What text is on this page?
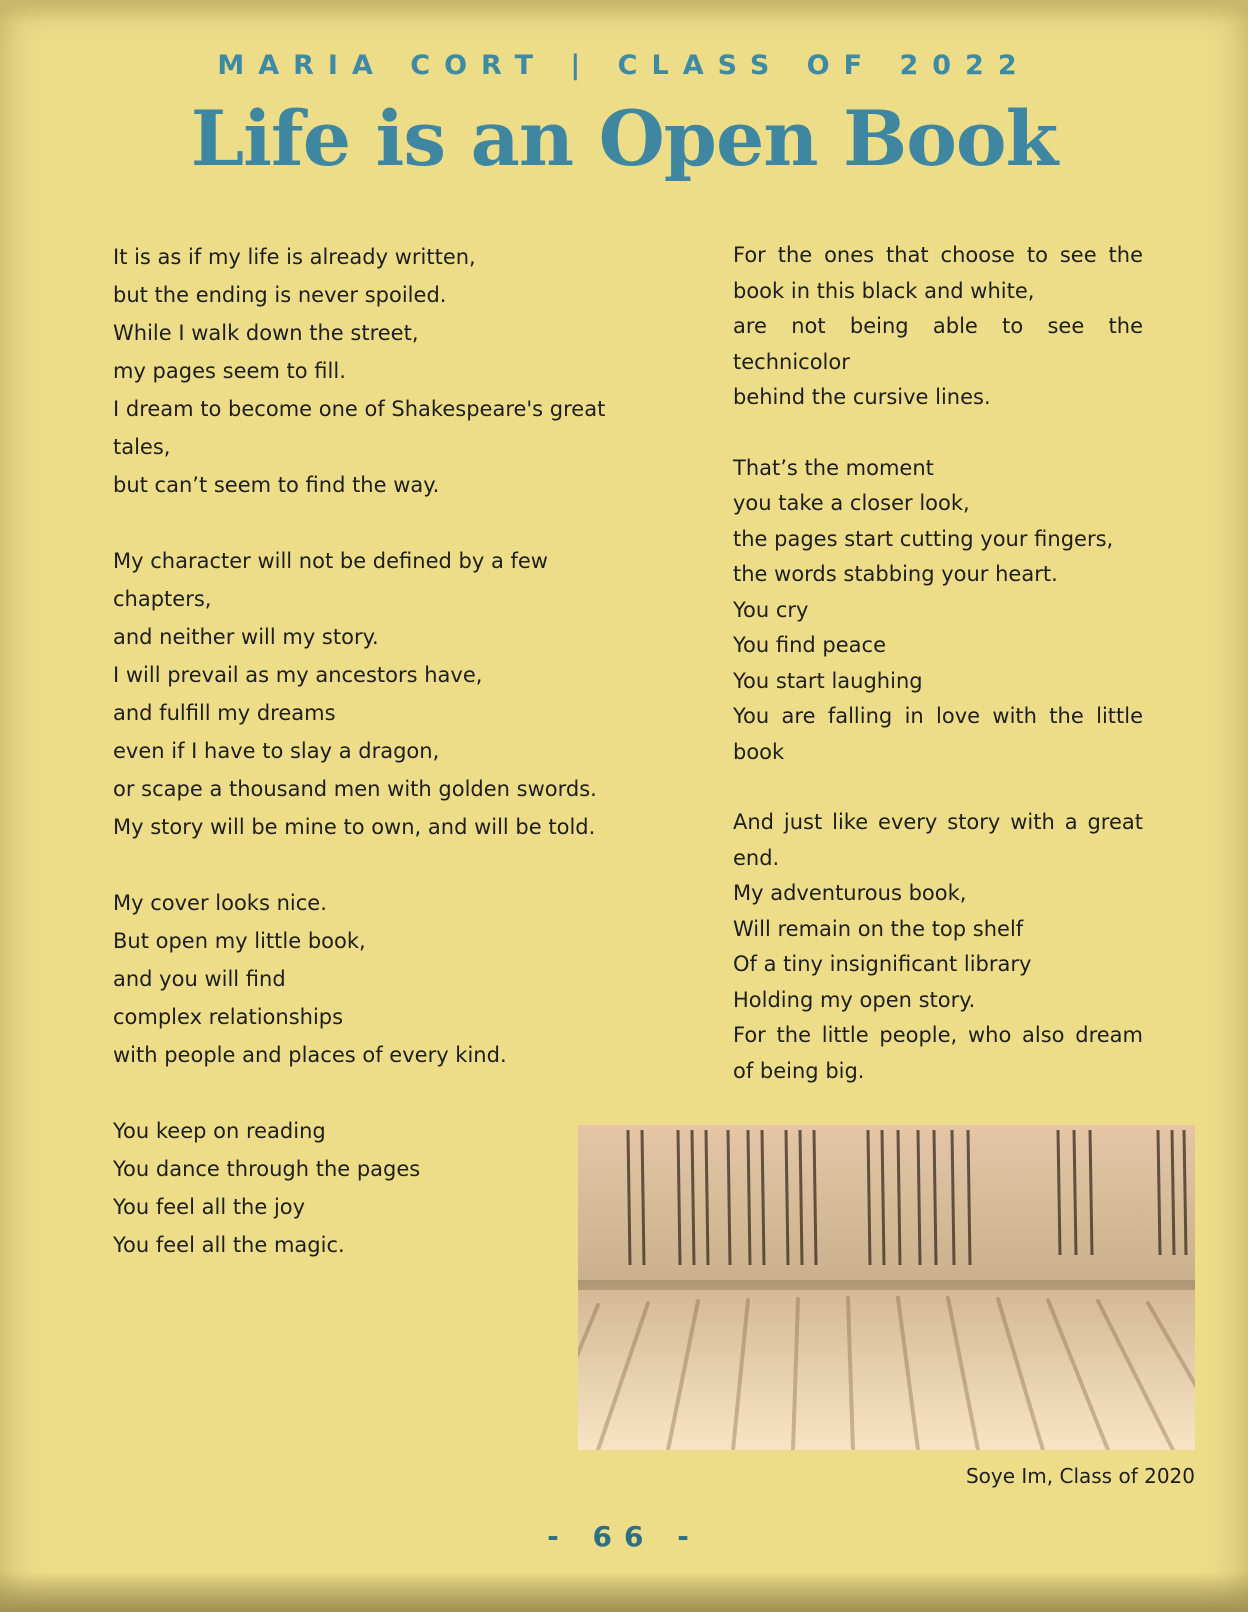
MARIA CORT | CLASS OF 2022
Life is an Open Book
It is as if my life is already written,
but the ending is never spoiled.
While I walk down the street,
my pages seem to fill.
I dream to become one of Shakespeare's great
tales,
but can’t seem to find the way.
My character will not be defined by a few
chapters,
and neither will my story.
I will prevail as my ancestors have,
and fulfill my dreams
even if I have to slay a dragon,
or scape a thousand men with golden swords.
My story will be mine to own, and will be told.
My cover looks nice.
But open my little book,
and you will find
complex relationships
with people and places of every kind.
You keep on reading
You dance through the pages
You feel all the joy
You feel all the magic.
For the ones that choose to see the book in this black and white,
are not being able to see the technicolor
behind the cursive lines.
That’s the moment
you take a closer look,
the pages start cutting your fingers,
the words stabbing your heart.
You cry
You find peace
You start laughing
You are falling in love with the little book
And just like every story with a great end.
My adventurous book,
Will remain on the top shelf
Of a tiny insignificant library
Holding my open story.
For the little people, who also dream of being big.
Soye Im, Class of 2020
- 66 -
